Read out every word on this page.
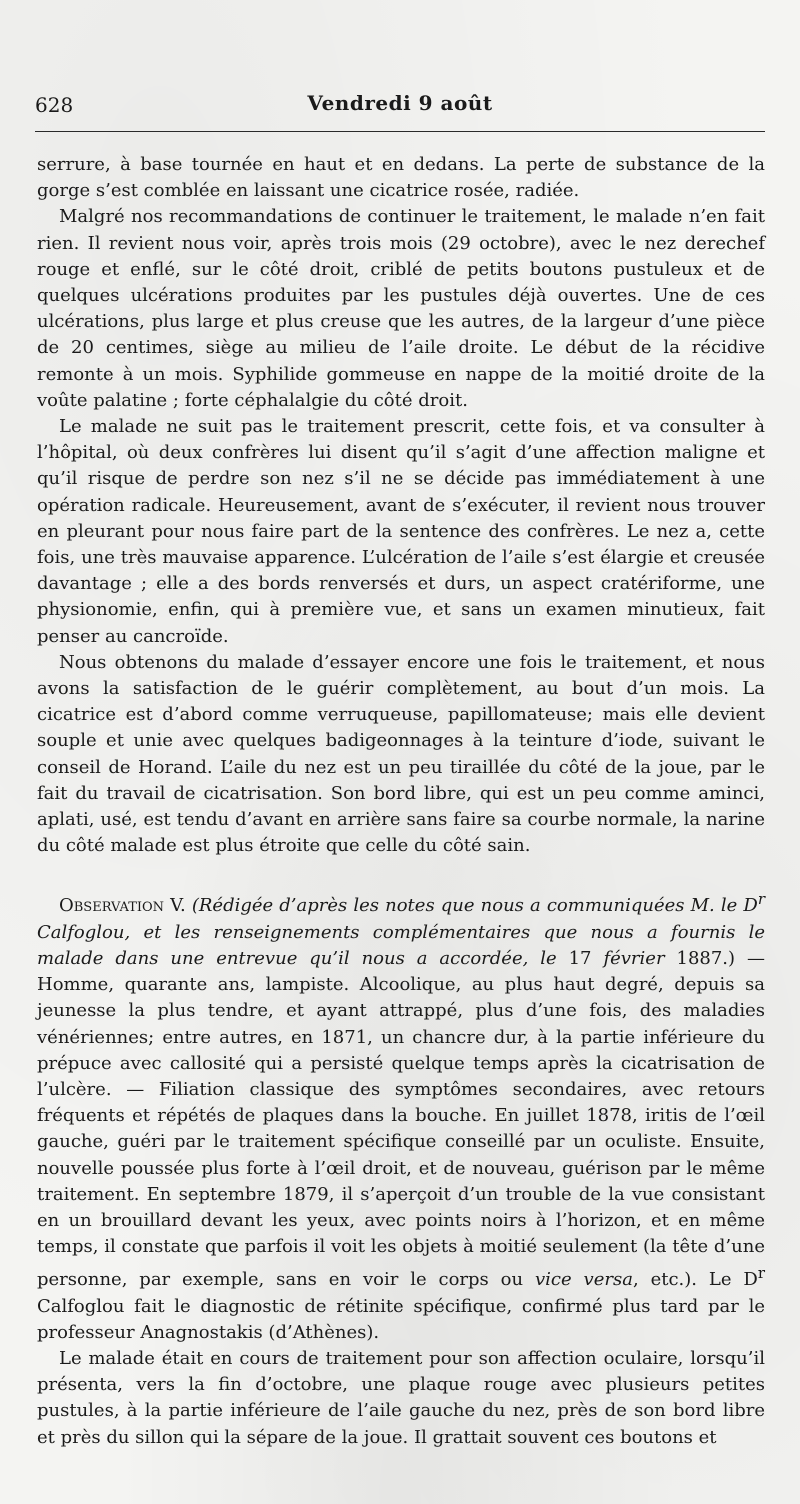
628	Vendredi 9 août

serrure, à base tournée en haut et en dedans. La perte de substance de la gorge s’est comblée en laissant une cicatrice rosée, radiée.

Malgré nos recommandations de continuer le traitement, le malade n’en fait rien. Il revient nous voir, après trois mois (29 octobre), avec le nez derechef rouge et enflé, sur le côté droit, criblé de petits boutons pustuleux et de quelques ulcérations produites par les pustules déjà ouvertes. Une de ces ulcérations, plus large et plus creuse que les autres, de la largeur d’une pièce de 20 centimes, siège au milieu de l’aile droite. Le début de la récidive remonte à un mois. Syphilide gommeuse en nappe de la moitié droite de la voûte palatine ; forte céphalalgie du côté droit.

Le malade ne suit pas le traitement prescrit, cette fois, et va consulter à l’hôpital, où deux confrères lui disent qu’il s’agit d’une affection maligne et qu’il risque de perdre son nez s’il ne se décide pas immédiatement à une opération radicale. Heureusement, avant de s’exécuter, il revient nous trouver en pleurant pour nous faire part de la sentence des confrères. Le nez a, cette fois, une très mauvaise apparence. L’ulcération de l’aile s’est élargie et creusée davantage ; elle a des bords renversés et durs, un aspect cratériforme, une physionomie, enfin, qui à première vue, et sans un examen minutieux, fait penser au cancroïde.

Nous obtenons du malade d’essayer encore une fois le traitement, et nous avons la satisfaction de le guérir complètement, au bout d’un mois. La cicatrice est d’abord comme verruqueuse, papillomateuse; mais elle devient souple et unie avec quelques badigeonnages à la teinture d’iode, suivant le conseil de Horand. L’aile du nez est un peu tiraillée du côté de la joue, par le fait du travail de cicatrisation. Son bord libre, qui est un peu comme aminci, aplati, usé, est tendu d’avant en arrière sans faire sa courbe normale, la narine du côté malade est plus étroite que celle du côté sain.

Observation V. (Rédigée d’après les notes que nous a communiquées M. le $D^r$ Calfoglou, et les renseignements complémentaires que nous a fournis le malade dans une entrevue qu’il nous a accordée, le 17 février 1887.) — Homme, quarante ans, lampiste. Alcoolique, au plus haut degré, depuis sa jeunesse la plus tendre, et ayant attrappé, plus d’une fois, des maladies vénériennes; entre autres, en 1871, un chancre dur, à la partie inférieure du prépuce avec callosité qui a persisté quelque temps après la cicatrisation de l’ulcère. — Filiation classique des symptômes secondaires, avec retours fréquents et répétés de plaques dans la bouche. En juillet 1878, iritis de l’œil gauche, guéri par le traitement spécifique conseillé par un oculiste. Ensuite, nouvelle poussée plus forte à l’œil droit, et de nouveau, guérison par le même traitement. En septembre 1879, il s’aperçoit d’un trouble de la vue consistant en un brouillard devant les yeux, avec points noirs à l’horizon, et en même temps, il constate que parfois il voit les objets à moitié seulement (la tête d’une personne, par exemple, sans en voir le corps ou vice versa, etc.). Le $D^r$ Calfoglou fait le diagnostic de rétinite spécifique, confirmé plus tard par le professeur Anagnostakis (d’Athènes).

Le malade était en cours de traitement pour son affection oculaire, lorsqu’il présenta, vers la fin d’octobre, une plaque rouge avec plusieurs petites pustules, à la partie inférieure de l’aile gauche du nez, près de son bord libre et près du sillon qui la sépare de la joue. Il grattait souvent ces boutons et
